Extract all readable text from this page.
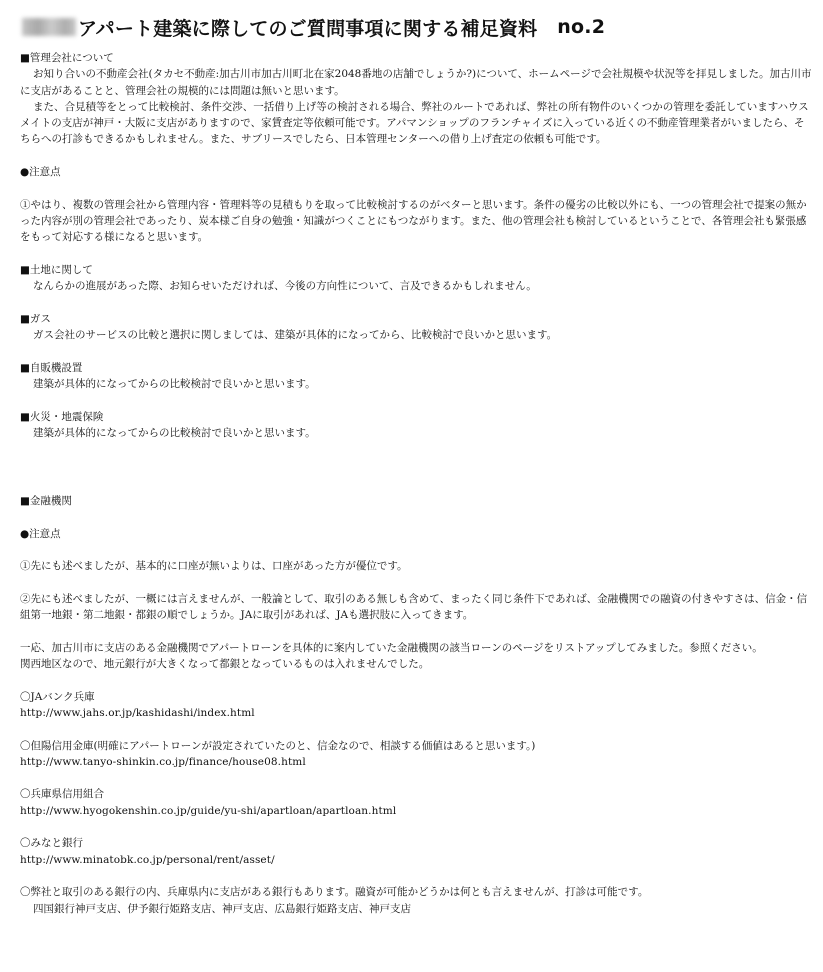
アパート建築に際してのご質問事項に関する補足資料 no.2

■管理会社について

お知り合いの不動産会社(タカセ不動産:加古川市加古川町北在家2048番地の店舗でしょうか?)について、ホームページで会社規模や状況等を拝見しました。加古川市に支店があることと、管理会社の規模的には問題は無いと思います。

また、合見積等をとって比較検討、条件交渉、一括借り上げ等の検討される場合、弊社のルートであれば、弊社の所有物件のいくつかの管理を委託していますハウスメイトの支店が神戸・大阪に支店がありますので、家賃査定等依頼可能です。アパマンショップのフランチャイズに入っている近くの不動産管理業者がいましたら、そちらへの打診もできるかもしれません。また、サブリースでしたら、日本管理センターへの借り上げ査定の依頼も可能です。

●注意点

①やはり、複数の管理会社から管理内容・管理料等の見積もりを取って比較検討するのがベターと思います。条件の優劣の比較以外にも、一つの管理会社で提案の無かった内容が別の管理会社であったり、炭本様ご自身の勉強・知識がつくことにもつながります。また、他の管理会社も検討しているということで、各管理会社も緊張感をもって対応する様になると思います。

■土地に関して

なんらかの進展があった際、お知らせいただければ、今後の方向性について、言及できるかもしれません。

■ガス

ガス会社のサービスの比較と選択に関しましては、建築が具体的になってから、比較検討で良いかと思います。

■自販機設置

建築が具体的になってからの比較検討で良いかと思います。

■火災・地震保険

建築が具体的になってからの比較検討で良いかと思います。

■金融機関

●注意点

①先にも述べましたが、基本的に口座が無いよりは、口座があった方が優位です。

②先にも述べましたが、一概には言えませんが、一般論として、取引のある無しも含めて、まったく同じ条件下であれば、金融機関での融資の付きやすさは、信金・信組第一地銀・第二地銀・都銀の順でしょうか。JAに取引があれば、JAも選択肢に入ってきます。

一応、加古川市に支店のある金融機関でアパートローンを具体的に案内していた金融機関の該当ローンのページをリストアップしてみました。参照ください。

関西地区なので、地元銀行が大きくなって都銀となっているものは入れませんでした。

〇JAバンク兵庫

http://www.jahs.or.jp/kashidashi/index.html

〇但陽信用金庫(明確にアパートローンが設定されていたのと、信金なので、相談する価値はあると思います。)

http://www.tanyo-shinkin.co.jp/finance/house08.html

〇兵庫県信用組合

http://www.hyogokenshin.co.jp/guide/yu-shi/apartloan/apartloan.html

〇みなと銀行

http://www.minatobk.co.jp/personal/rent/asset/

〇弊社と取引のある銀行の内、兵庫県内に支店がある銀行もあります。融資が可能かどうかは何とも言えませんが、打診は可能です。

四国銀行神戸支店、伊予銀行姫路支店、神戸支店、広島銀行姫路支店、神戸支店
